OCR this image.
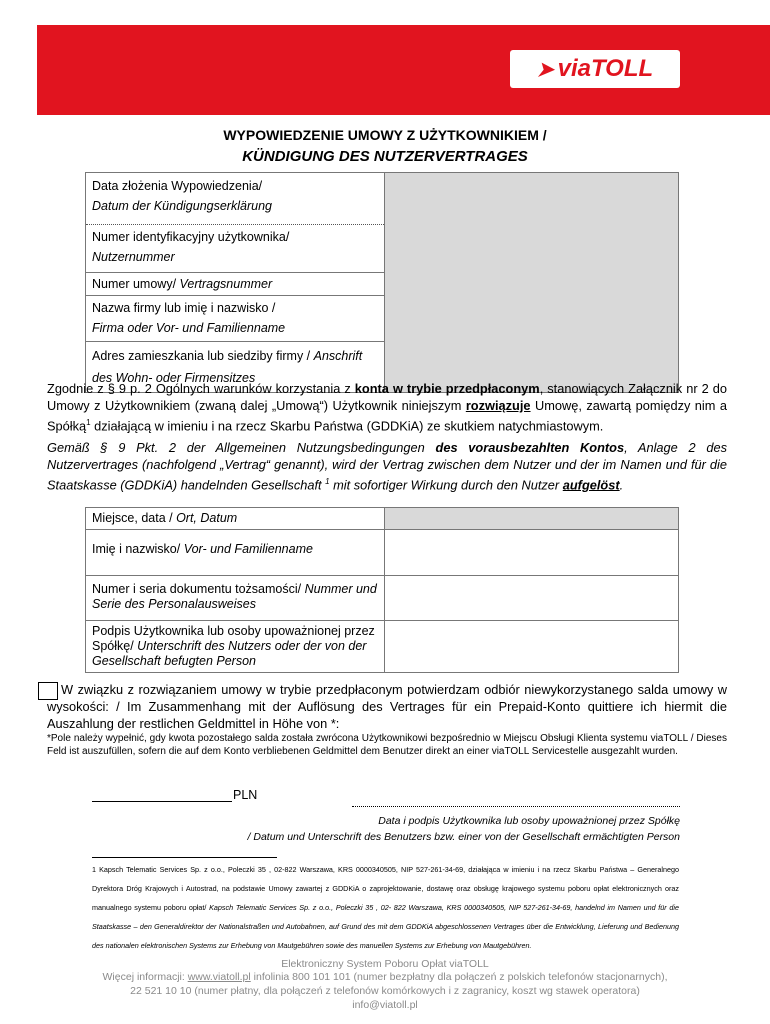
➤ viaTOLL
WYPOWIEDZENIE UMOWY Z UŻYTKOWNIKIEM /
KÜNDIGUNG DES NUTZERVERTRAGES
Data złożenia Wypowiedzenia/
Datum der Kündigungserklärung
Numer identyfikacyjny użytkownika/
Nutzernummer

Numer umowy/ Vertragsnummer

Nazwa firmy lub imię i nazwisko /
Firma oder Vor- und Familienname

Adres zamieszkania lub siedziby firmy / Anschrift des Wohn- oder Firmensitzes
Zgodnie z § 9 p. 2 Ogólnych warunków korzystania z konta w trybie przedpłaconym, stanowiących Załącznik nr 2 do Umowy z Użytkownikiem (zwaną dalej „Umową“) Użytkownik niniejszym rozwiązuje Umowę, zawartą pomiędzy nim a Spółką$^1$ działającą w imieniu i na rzecz Skarbu Państwa (GDDKiA) ze skutkiem natychmiastowym.
Gemäß § 9 Pkt. 2 der Allgemeinen Nutzungsbedingungen des vorausbezahlten Kontos, Anlage 2 des Nutzervertrages (nachfolgend „Vertrag“ genannt), wird der Vertrag zwischen dem Nutzer und der im Namen und für die Staatskasse (GDDKiA) handelnden Gesellschaft $^1$ mit sofortiger Wirkung durch den Nutzer aufgelöst.
Miejsce, data / Ort, Datum	
Imię i nazwisko/ Vor- und Familienname	
Numer i seria dokumentu tożsamości/ Nummer und Serie des Personalausweises	
Podpis Użytkownika lub osoby upoważnionej przez Spółkę/ Unterschrift des Nutzers oder der von der Gesellschaft befugten Person	
W związku z rozwiązaniem umowy w trybie przedpłaconym potwierdzam odbiór niewykorzystanego salda umowy w wysokości: / Im Zusammenhang mit der Auflösung des Vertrages für ein Prepaid-Konto quittiere ich hiermit die Auszahlung der restlichen Geldmittel in Höhe von *:
*Pole należy wypełnić, gdy kwota pozostałego salda została zwrócona Użytkownikowi bezpośrednio w Miejscu Obsługi Klienta systemu viaTOLL / Dieses Feld ist auszufüllen, sofern die auf dem Konto verbliebenen Geldmittel dem Benutzer direkt an einer viaTOLL Servicestelle ausgezahlt wurden.
PLN
Data i podpis Użytkownika lub osoby upoważnionej przez Spółkę
/ Datum und Unterschrift des Benutzers bzw. einer von der Gesellschaft ermächtigten Person
1 Kapsch Telematic Services Sp. z o.o., Poleczki 35 , 02-822 Warszawa, KRS 0000340505, NIP 527-261-34-69, działająca w imieniu i na rzecz Skarbu Państwa – Generalnego Dyrektora Dróg Krajowych i Autostrad, na podstawie Umowy zawartej z GDDKiA o zaprojektowanie, dostawę oraz obsługę krajowego systemu poboru opłat elektronicznych oraz manualnego systemu poboru opłat/ Kapsch Telematic Services Sp. z o.o., Poleczki 35 , 02- 822 Warszawa, KRS 0000340505, NIP 527-261-34-69, handelnd im Namen und für die Staatskasse – den Generaldirektor der Nationalstraßen und Autobahnen, auf Grund des mit dem GDDKiA abgeschlossenen Vertrages über die Entwicklung, Lieferung und Bedienung des nationalen elektronischen Systems zur Erhebung von Mautgebühren sowie des manuellen Systems zur Erhebung von Mautgebühren.
Elektroniczny System Poboru Opłat viaTOLL
Więcej informacji: www.viatoll.pl infolinia 800 101 101 (numer bezpłatny dla połączeń z polskich telefonów stacjonarnych),
22 521 10 10 (numer płatny, dla połączeń z telefonów komórkowych i z zagranicy, koszt wg stawek operatora)
info@viatoll.pl
